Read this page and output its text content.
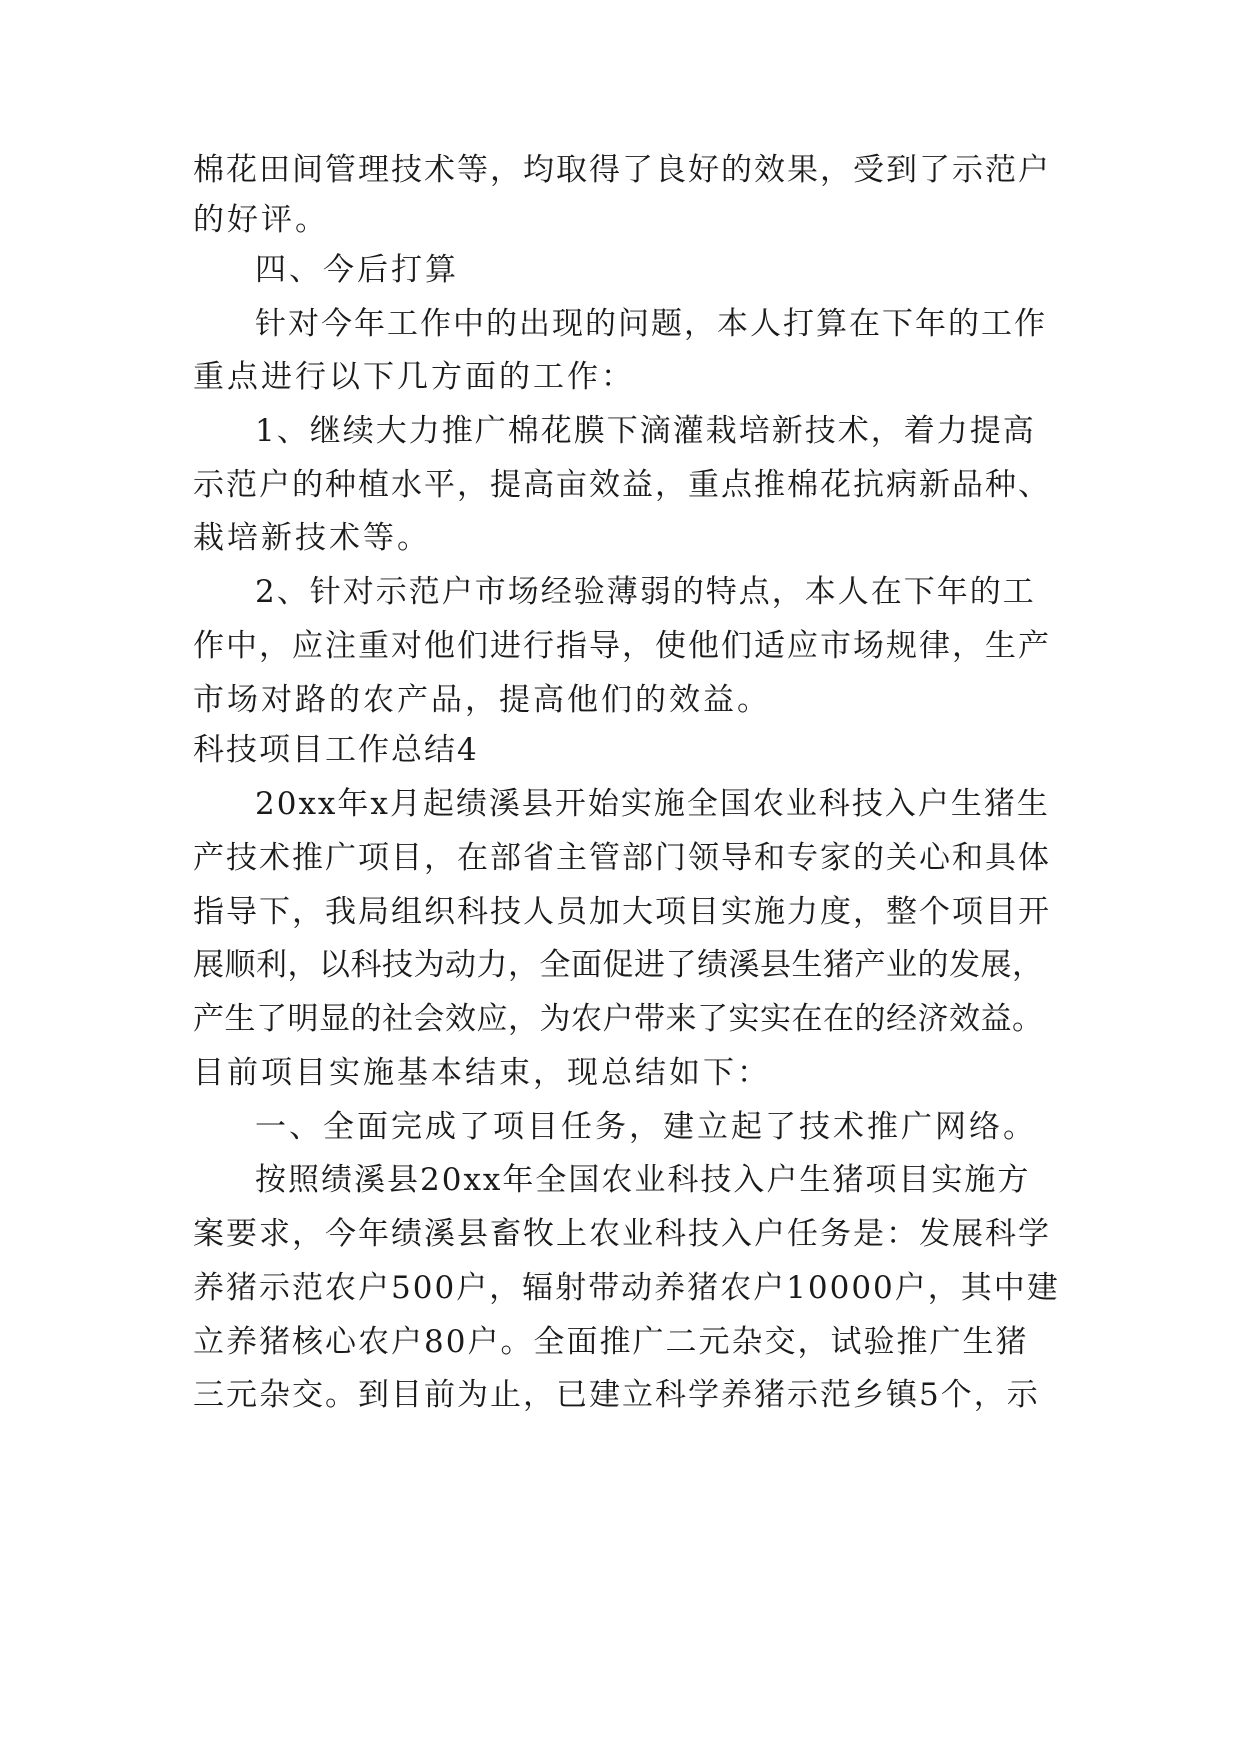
棉花田间管理技术等，均取得了良好的效果，受到了示范户

的好评。

四、今后打算

针对今年工作中的出现的问题，本人打算在下年的工作

重点进行以下几方面的工作：

1、继续大力推广棉花膜下滴灌栽培新技术，着力提高

示范户的种植水平，提高亩效益，重点推棉花抗病新品种、

栽培新技术等。

2、针对示范户市场经验薄弱的特点，本人在下年的工

作中，应注重对他们进行指导，使他们适应市场规律，生产

市场对路的农产品，提高他们的效益。

科技项目工作总结4

20xx年x月起绩溪县开始实施全国农业科技入户生猪生

产技术推广项目，在部省主管部门领导和专家的关心和具体

指导下，我局组织科技人员加大项目实施力度，整个项目开

展顺利，以科技为动力，全面促进了绩溪县生猪产业的发展，

产生了明显的社会效应，为农户带来了实实在在的经济效益。

目前项目实施基本结束，现总结如下：

一、全面完成了项目任务，建立起了技术推广网络。

按照绩溪县20xx年全国农业科技入户生猪项目实施方

案要求，今年绩溪县畜牧上农业科技入户任务是：发展科学

养猪示范农户500户，辐射带动养猪农户10000户，其中建

立养猪核心农户80户。全面推广二元杂交，试验推广生猪

三元杂交。到目前为止，已建立科学养猪示范乡镇5个，示
